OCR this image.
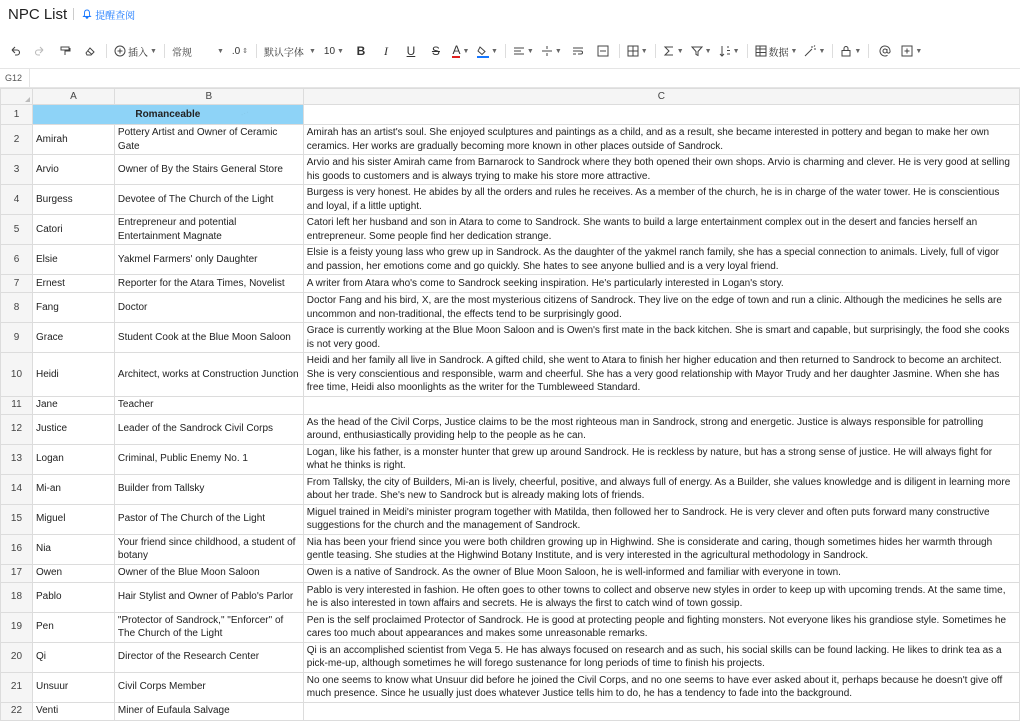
NPC List	提醒查阅
插入 ▼ 常规	▼ .0 ⇕ 默认字体 ▼ 10 ▼	B	I	U	S	A ▼	▼	▼	▼	▼	▼	▼	▼	数据 ▼	▼	▼	▼
G12
	A	B	C
1	Romanceable		
2	Amirah	Pottery Artist and Owner of Ceramic Gate	Amirah has an artist's soul. She enjoyed sculptures and paintings as a child, and as a result, she became interested in pottery and began to make her own ceramics. Her works are gradually becoming more known in other places outside of Sandrock.
3	Arvio	Owner of By the Stairs General Store	Arvio and his sister Amirah came from Barnarock to Sandrock where they both opened their own shops. Arvio is charming and clever. He is very good at selling his goods to customers and is always trying to make his store more attractive.
4	Burgess	Devotee of The Church of the Light	Burgess is very honest. He abides by all the orders and rules he receives. As a member of the church, he is in charge of the water tower. He is conscientious and loyal, if a little uptight.
5	Catori	Entrepreneur and potential Entertainment Magnate	Catori left her husband and son in Atara to come to Sandrock. She wants to build a large entertainment complex out in the desert and fancies herself an entrepreneur. Some people find her dedication strange.
6	Elsie	Yakmel Farmers' only Daughter	Elsie is a feisty young lass who grew up in Sandrock. As the daughter of the yakmel ranch family, she has a special connection to animals. Lively, full of vigor and passion, her emotions come and go quickly. She hates to see anyone bullied and is a very loyal friend.
7	Ernest	Reporter for the Atara Times, Novelist	A writer from Atara who's come to Sandrock seeking inspiration. He's particularly interested in Logan's story.
8	Fang	Doctor	Doctor Fang and his bird, X, are the most mysterious citizens of Sandrock. They live on the edge of town and run a clinic. Although the medicines he sells are uncommon and non-traditional, the effects tend to be surprisingly good.
9	Grace	Student Cook at the Blue Moon Saloon	Grace is currently working at the Blue Moon Saloon and is Owen's first mate in the back kitchen. She is smart and capable, but surprisingly, the food she cooks is not very good.
10	Heidi	Architect, works at Construction Junction	Heidi and her family all live in Sandrock. A gifted child, she went to Atara to finish her higher education and then returned to Sandrock to become an architect. She is very conscientious and responsible, warm and cheerful. She has a very good relationship with Mayor Trudy and her daughter Jasmine. When she has free time, Heidi also moonlights as the writer for the Tumbleweed Standard.
11	Jane	Teacher	
12	Justice	Leader of the Sandrock Civil Corps	As the head of the Civil Corps, Justice claims to be the most righteous man in Sandrock, strong and energetic. Justice is always responsible for patrolling around, enthusiastically providing help to the people as he can.
13	Logan	Criminal, Public Enemy No. 1	Logan, like his father, is a monster hunter that grew up around Sandrock. He is reckless by nature, but has a strong sense of justice. He will always fight for what he thinks is right.
14	Mi-an	Builder from Tallsky	From Tallsky, the city of Builders, Mi-an is lively, cheerful, positive, and always full of energy. As a Builder, she values knowledge and is diligent in learning more about her trade. She's new to Sandrock but is already making lots of friends.
15	Miguel	Pastor of The Church of the Light	Miguel trained in Meidi's minister program together with Matilda, then followed her to Sandrock. He is very clever and often puts forward many constructive suggestions for the church and the management of Sandrock.
16	Nia	Your friend since childhood, a student of botany	Nia has been your friend since you were both children growing up in Highwind. She is considerate and caring, though sometimes hides her warmth through gentle teasing. She studies at the Highwind Botany Institute, and is very interested in the agricultural methodology in Sandrock.
17	Owen	Owner of the Blue Moon Saloon	Owen is a native of Sandrock. As the owner of Blue Moon Saloon, he is well-informed and familiar with everyone in town.
18	Pablo	Hair Stylist and Owner of Pablo's Parlor	Pablo is very interested in fashion. He often goes to other towns to collect and observe new styles in order to keep up with upcoming trends. At the same time, he is also interested in town affairs and secrets. He is always the first to catch wind of town gossip.
19	Pen	"Protector of Sandrock," "Enforcer" of The Church of the Light	Pen is the self proclaimed Protector of Sandrock. He is good at protecting people and fighting monsters. Not everyone likes his grandiose style. Sometimes he cares too much about appearances and makes some unreasonable remarks.
20	Qi	Director of the Research Center	Qi is an accomplished scientist from Vega 5. He has always focused on research and as such, his social skills can be found lacking. He likes to drink tea as a pick-me-up, although sometimes he will forego sustenance for long periods of time to finish his projects.
21	Unsuur	Civil Corps Member	No one seems to know what Unsuur did before he joined the Civil Corps, and no one seems to have ever asked about it, perhaps because he doesn't give off much presence. Since he usually just does whatever Justice tells him to do, he has a tendency to fade into the background.
22	Venti	Miner of Eufaula Salvage	
